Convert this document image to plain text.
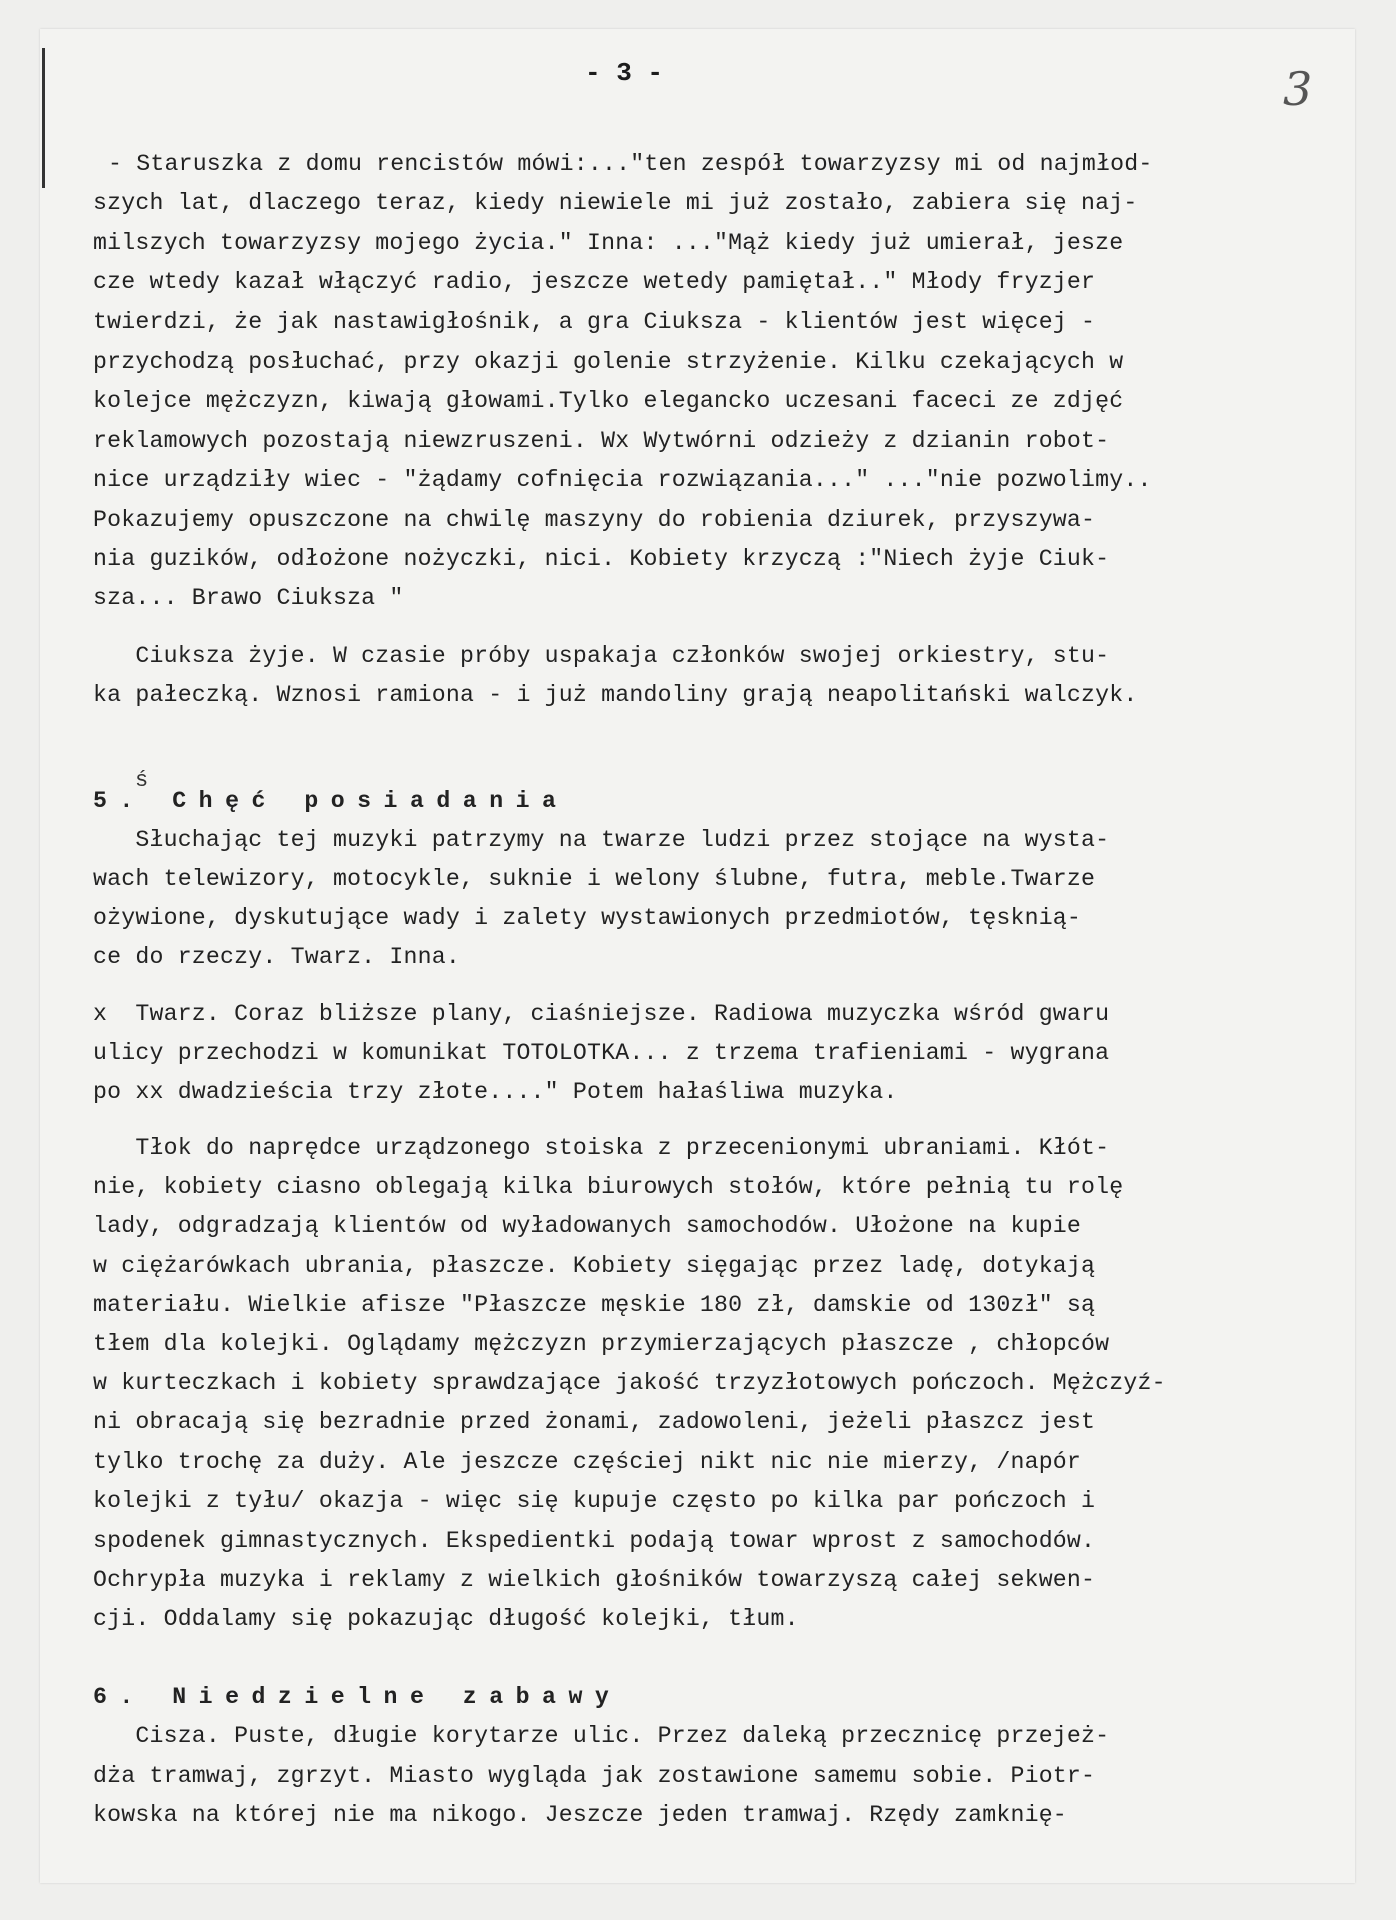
- 3 -	3
ś
- Staruszka z domu rencistów mówi:..."ten zespół towarzyzsy mi od najmłod-
szych lat, dlaczego teraz, kiedy niewiele mi już zostało, zabiera się naj-
milszych towarzyzsy mojego życia." Inna: ..."Mąż kiedy już umierał, jesze
cze wtedy kazał włączyć radio, jeszcze wetedy pamiętał.." Młody fryzjer
twierdzi, że jak nastawigłośnik, a gra Ciuksza - klientów jest więcej -
przychodzą posłuchać, przy okazji golenie strzyżenie. Kilku czekających w
kolejce mężczyzn, kiwają głowami.Tylko elegancko uczesani faceci ze zdjęć
reklamowych pozostają niewzruszeni. Wx Wytwórni odzieży z dzianin robot-
nice urządziły wiec - "żądamy cofnięcia rozwiązania..." ..."nie pozwolimy..
Pokazujemy opuszczone na chwilę maszyny do robienia dziurek, przyszywa-
nia guzików, odłożone nożyczki, nici. Kobiety krzyczą :"Niech żyje Ciuk-
sza... Brawo Ciuksza "
Ciuksza żyje. W czasie próby uspakaja członków swojej orkiestry, stu-
ka pałeczką. Wznosi ramiona - i już mandoliny grają neapolitański walczyk.
5. Chęć posiadania
Słuchając tej muzyki patrzymy na twarze ludzi przez stojące na wysta-
wach telewizory, motocykle, suknie i welony ślubne, futra, meble.Twarze
ożywione, dyskutujące wady i zalety wystawionych przedmiotów, tęsknią-
ce do rzeczy. Twarz. Inna.
x  Twarz. Coraz bliższe plany, ciaśniejsze. Radiowa muzyczka wśród gwaru
ulicy przechodzi w komunikat TOTOLOTKA... z trzema trafieniami - wygrana
po xx dwadzieścia trzy złote...." Potem hałaśliwa muzyka.
Tłok do naprędce urządzonego stoiska z przecenionymi ubraniami. Kłót-
nie, kobiety ciasno oblegają kilka biurowych stołów, które pełnią tu rolę
lady, odgradzają klientów od wyładowanych samochodów. Ułożone na kupie
w ciężarówkach ubrania, płaszcze. Kobiety sięgając przez ladę, dotykają
materiału. Wielkie afisze "Płaszcze męskie 180 zł, damskie od 130zł" są
tłem dla kolejki. Oglądamy mężczyzn przymierzających płaszcze , chłopców
w kurteczkach i kobiety sprawdzające jakość trzyzłotowych pończoch. Mężczyź-
ni obracają się bezradnie przed żonami, zadowoleni, jeżeli płaszcz jest
tylko trochę za duży. Ale jeszcze częściej nikt nic nie mierzy, /napór
kolejki z tyłu/ okazja - więc się kupuje często po kilka par pończoch i
spodenek gimnastycznych. Ekspedientki podają towar wprost z samochodów.
Ochrypła muzyka i reklamy z wielkich głośników towarzyszą całej sekwen-
cji. Oddalamy się pokazując długość kolejki, tłum.
6. Niedzielne zabawy
Cisza. Puste, długie korytarze ulic. Przez daleką przecznicę przejeż-
dża tramwaj, zgrzyt. Miasto wygląda jak zostawione samemu sobie. Piotr-
kowska na której nie ma nikogo. Jeszcze jeden tramwaj. Rzędy zamknię-
